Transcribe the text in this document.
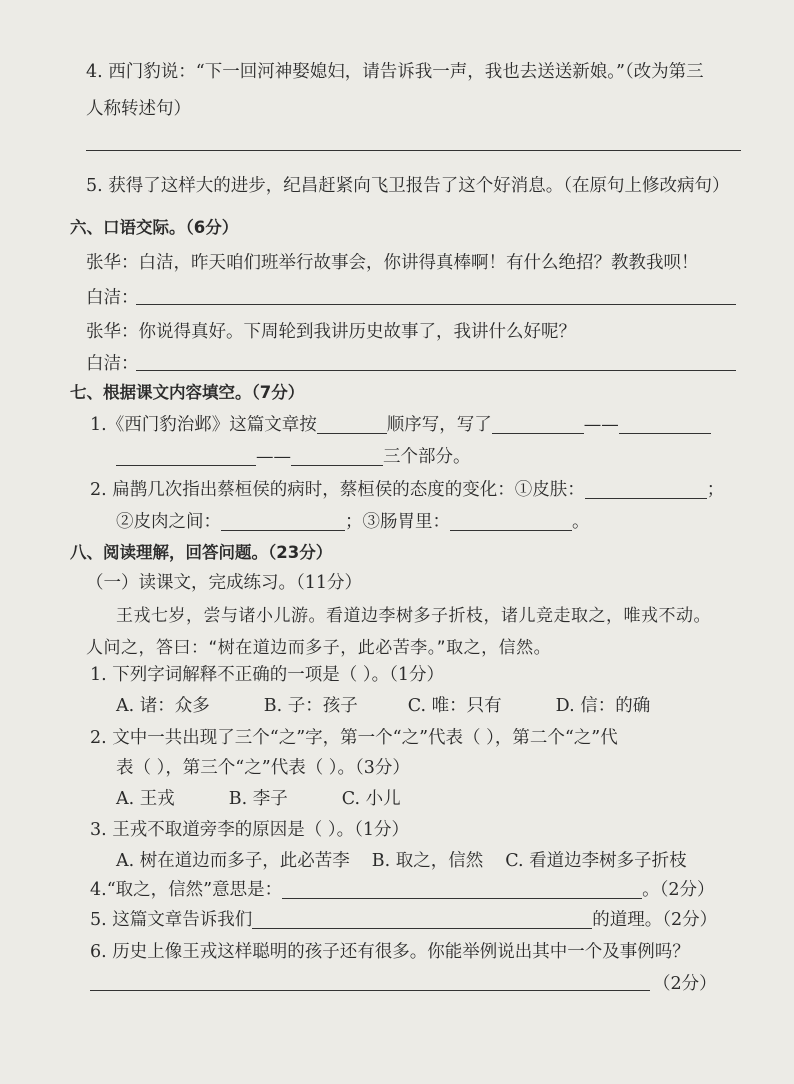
4. 西门豹说：“下一回河神娶媳妇，请告诉我一声，我也去送送新娘。”（改为第三
人称转述句）
5. 获得了这样大的进步，纪昌赶紧向飞卫报告了这个好消息。（在原句上修改病句）
六、口语交际。（6分）
张华：白洁，昨天咱们班举行故事会，你讲得真棒啊！有什么绝招？教教我呗！
白洁：
张华：你说得真好。下周轮到我讲历史故事了，我讲什么好呢？
白洁：
七、根据课文内容填空。（7分）
1.《西门豹治邺》这篇文章按	顺序写，写了	——
——	三个部分。
2. 扁鹊几次指出蔡桓侯的病时，蔡桓侯的态度的变化：①皮肤：	；
②皮肉之间：	；③肠胃里：	。
八、阅读理解，回答问题。（23分）
（一）读课文，完成练习。（11分）
王戎七岁，尝与诸小儿游。看道边李树多子折枝，诸儿竞走取之，唯戎不动。
人问之，答曰：“树在道边而多子，此必苦李。”取之，信然。
1. 下列字词解释不正确的一项是（ ）。（1分）
A. 诸：众多	B. 子：孩子	C. 唯：只有	D. 信：的确
2. 文中一共出现了三个“之”字，第一个“之”代表（ ），第二个“之”代
表（ ），第三个“之”代表（ ）。（3分）
A. 王戎	B. 李子	C. 小儿
3. 王戎不取道旁李的原因是（ ）。（1分）
A. 树在道边而多子，此必苦李 B. 取之，信然 C. 看道边李树多子折枝
4.“取之，信然”意思是：	。（2分）
5. 这篇文章告诉我们	的道理。（2分）
6. 历史上像王戎这样聪明的孩子还有很多。你能举例说出其中一个及事例吗？
（2分）
